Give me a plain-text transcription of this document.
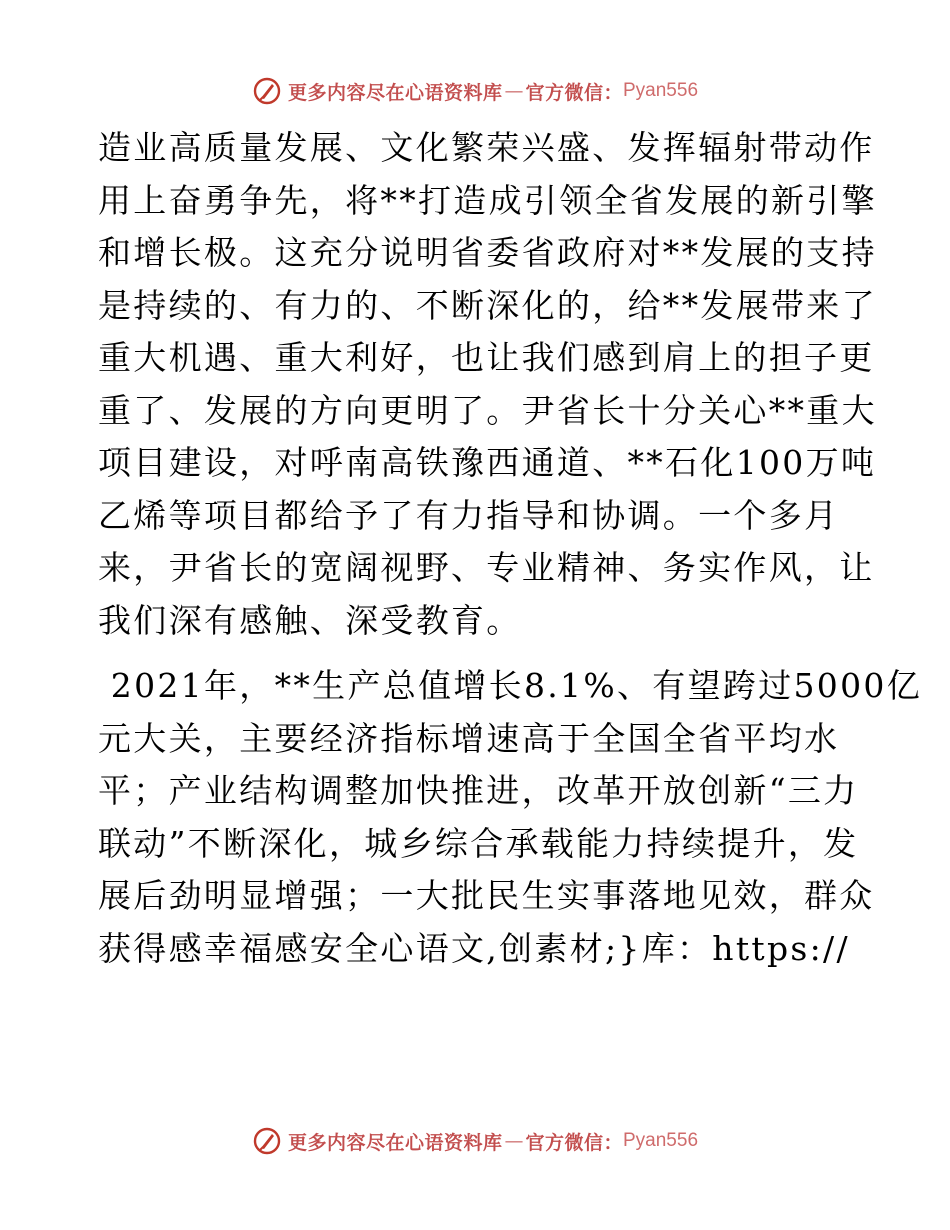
更多内容尽在心语资料库 — 官方微信： Pyan556

造业高质量发展、文化繁荣兴盛、发挥辐射带动作
用上奋勇争先，将**打造成引领全省发展的新引擎
和增长极。这充分说明省委省政府对**发展的支持
是持续的、有力的、不断深化的，给**发展带来了
重大机遇、重大利好，也让我们感到肩上的担子更
重了、发展的方向更明了。尹省长十分关心**重大
项目建设，对呼南高铁豫西通道、**石化100万吨
乙烯等项目都给予了有力指导和协调。一个多月
来，尹省长的宽阔视野、专业精神、务实作风，让
我们深有感触、深受教育。

2021年，**生产总值增长8.1%、有望跨过5000亿
元大关，主要经济指标增速高于全国全省平均水
平；产业结构调整加快推进，改革开放创新“三力
联动”不断深化，城乡综合承载能力持续提升，发
展后劲明显增强；一大批民生实事落地见效，群众
获得感幸福感安全心语文,创素材;}库：https://

更多内容尽在心语资料库 — 官方微信： Pyan556
